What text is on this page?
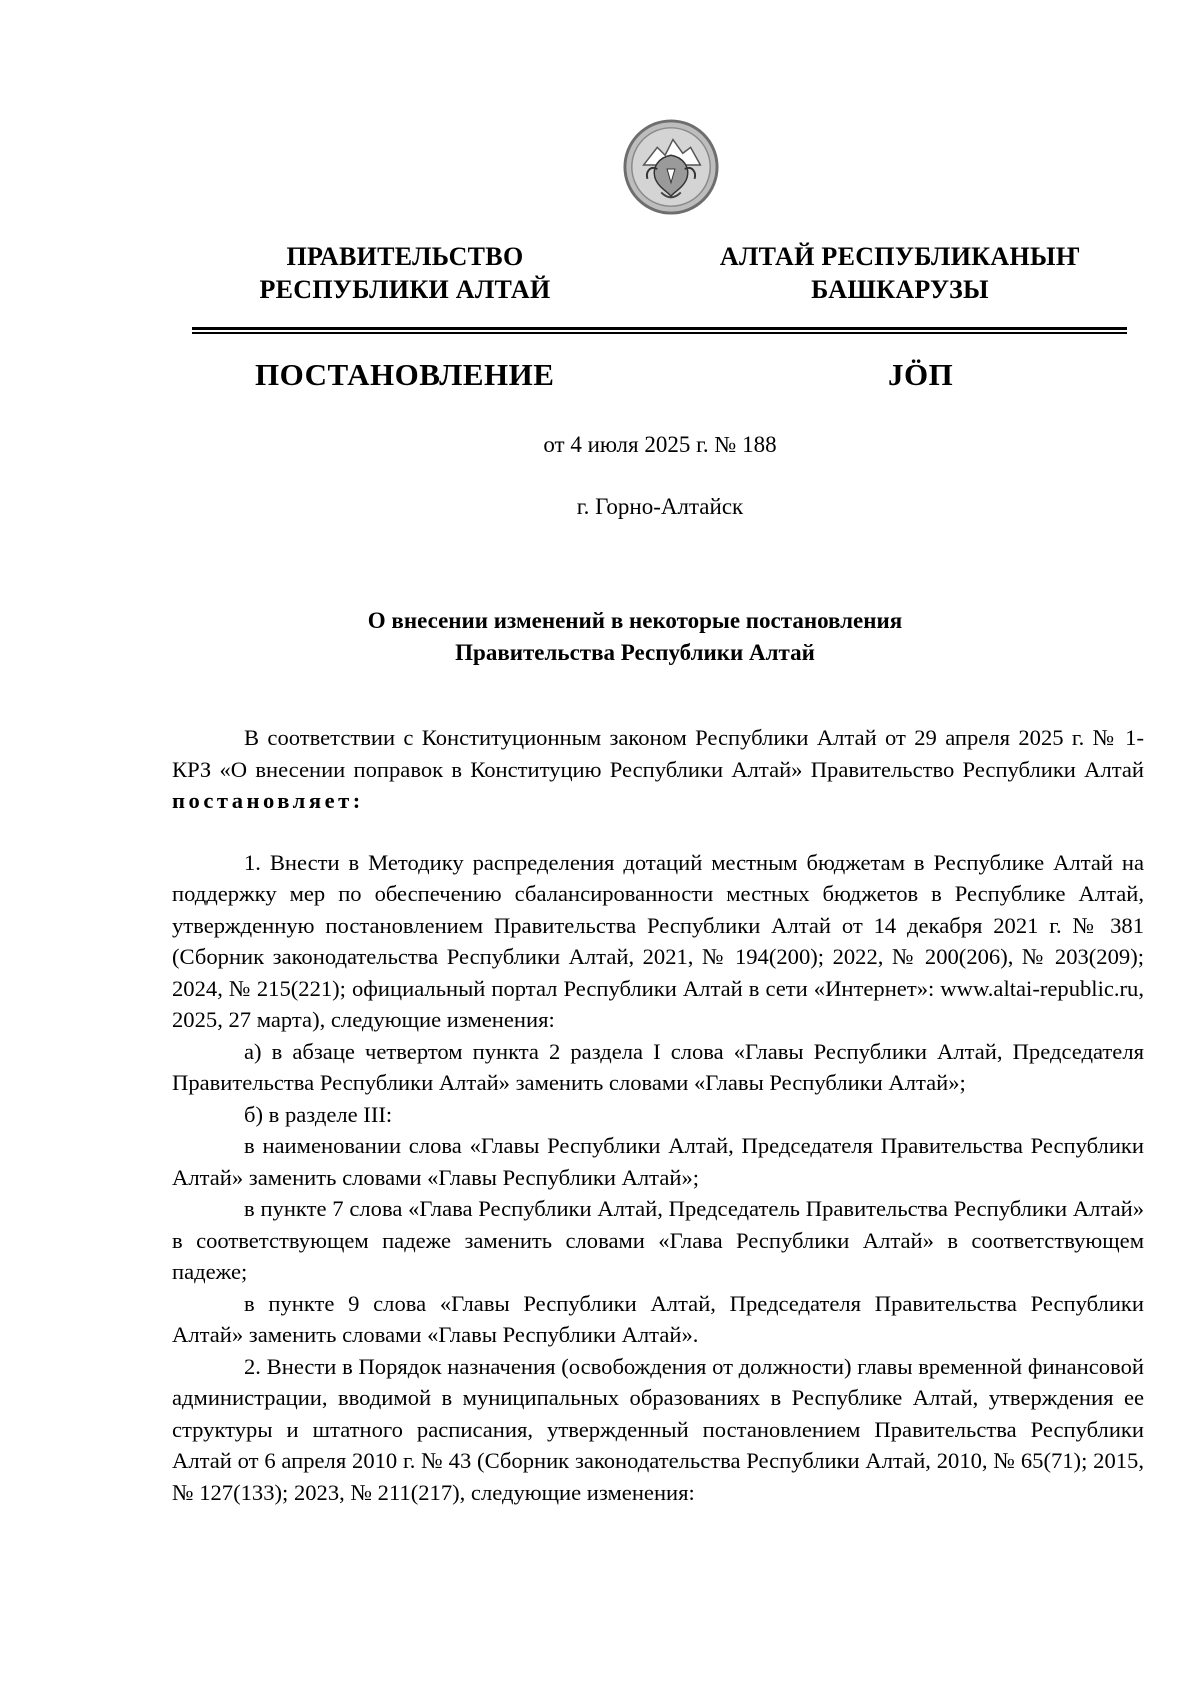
ПРАВИТЕЛЬСТВО
РЕСПУБЛИКИ АЛТАЙ
АЛТАЙ РЕСПУБЛИКАНЫҤ
БАШКАРУЗЫ
ПОСТАНОВЛЕНИЕ	JÖП
от 4 июля 2025 г. № 188
г. Горно-Алтайск
О внесении изменений в некоторые постановления
Правительства Республики Алтай

В соответствии с Конституционным законом Республики Алтай от 29 апреля 2025 г. № 1-КРЗ «О внесении поправок в Конституцию Республики Алтай» Правительство Республики Алтай постановляет:

1. Внести в Методику распределения дотаций местным бюджетам в Республике Алтай на поддержку мер по обеспечению сбалансированности местных бюджетов в Республике Алтай, утвержденную постановлением Правительства Республики Алтай от 14 декабря 2021 г. № 381 (Сборник законодательства Республики Алтай, 2021, № 194(200); 2022, № 200(206), № 203(209); 2024, № 215(221); официальный портал Республики Алтай в сети «Интернет»: www.altai-republic.ru, 2025, 27 марта), следующие изменения:

а) в абзаце четвертом пункта 2 раздела I слова «Главы Республики Алтай, Председателя Правительства Республики Алтай» заменить словами «Главы Республики Алтай»;

б) в разделе III:

в наименовании слова «Главы Республики Алтай, Председателя Правительства Республики Алтай» заменить словами «Главы Республики Алтай»;

в пункте 7 слова «Глава Республики Алтай, Председатель Правительства Республики Алтай» в соответствующем падеже заменить словами «Глава Республики Алтай» в соответствующем падеже;

в пункте 9 слова «Главы Республики Алтай, Председателя Правительства Республики Алтай» заменить словами «Главы Республики Алтай».

2. Внести в Порядок назначения (освобождения от должности) главы временной финансовой администрации, вводимой в муниципальных образованиях в Республике Алтай, утверждения ее структуры и штатного расписания, утвержденный постановлением Правительства Республики Алтай от 6 апреля 2010 г. № 43 (Сборник законодательства Республики Алтай, 2010, № 65(71); 2015, № 127(133); 2023, № 211(217), следующие изменения:
